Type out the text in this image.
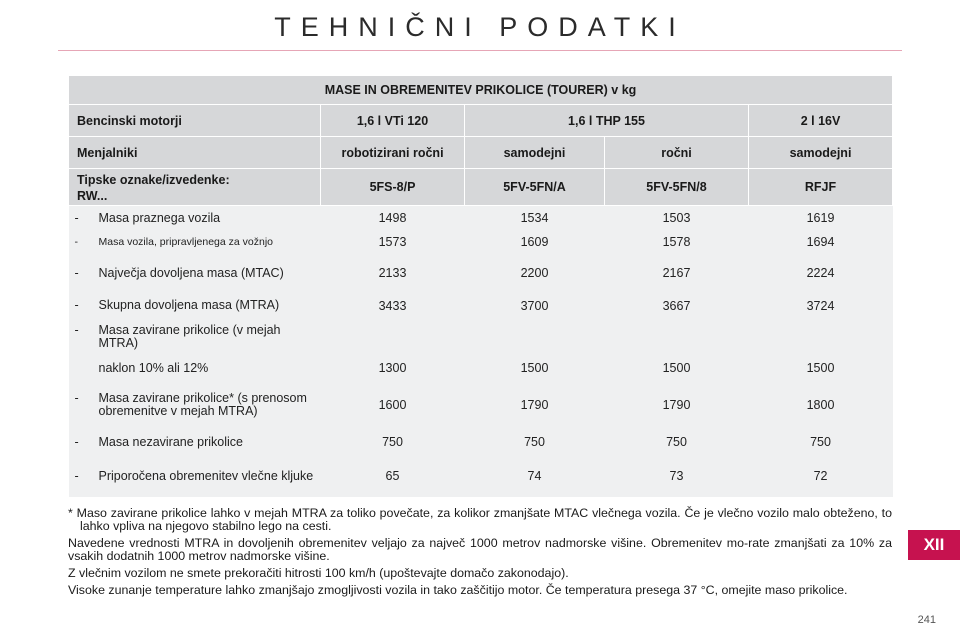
TEHNIČNI PODATKI
MASE IN OBREMENITEV PRIKOLICE (TOURER) v kg				
Bencinski motorji	1,6 l VTi 120	1,6 l THP 155		2 l 16V
Menjalniki	robotizirani ročni	samodejni	ročni	samodejni

Tipske oznake/izvedenke:
RW...	5FS-8/P	5FV-5FN/A	5FV-5FN/8	RFJF

- Masa praznega vozila	1498	1534	1503	1619

- Masa vozila, pripravljenega za vožnjo	1573	1609	1578	1694

- Največja dovoljena masa (MTAC)	2133	2200	2167	2224

- Skupna dovoljena masa (MTRA)	3433	3700	3667	3724

- Masa zavirane prikolice (v mejah MTRA)				

naklon 10% ali 12%	1300	1500	1500	1500

- Masa zavirane prikolice* (s prenosom obremenitve v mejah MTRA)	1600	1790	1790	1800

- Masa nezavirane prikolice	750	750	750	750

- Priporočena obremenitev vlečne kljuke	65	74	73	72

* Maso zavirane prikolice lahko v mejah MTRA za toliko povečate, za kolikor zmanjšate MTAC vlečnega vozila. Če je vlečno vozilo malo obteženo, to lahko vpliva na njegovo stabilno lego na cesti.

Navedene vrednosti MTRA in dovoljenih obremenitev veljajo za največ 1000 metrov nadmorske višine. Obremenitev mo-rate zmanjšati za 10% za vsakih dodatnih 1000 metrov nadmorske višine.

Z vlečnim vozilom ne smete prekoračiti hitrosti 100 km/h (upoštevajte domačo zakonodajo).

Visoke zunanje temperature lahko zmanjšajo zmogljivosti vozila in tako zaščitijo motor. Če temperatura presega 37 °C, omejite maso prikolice.

XII
241
